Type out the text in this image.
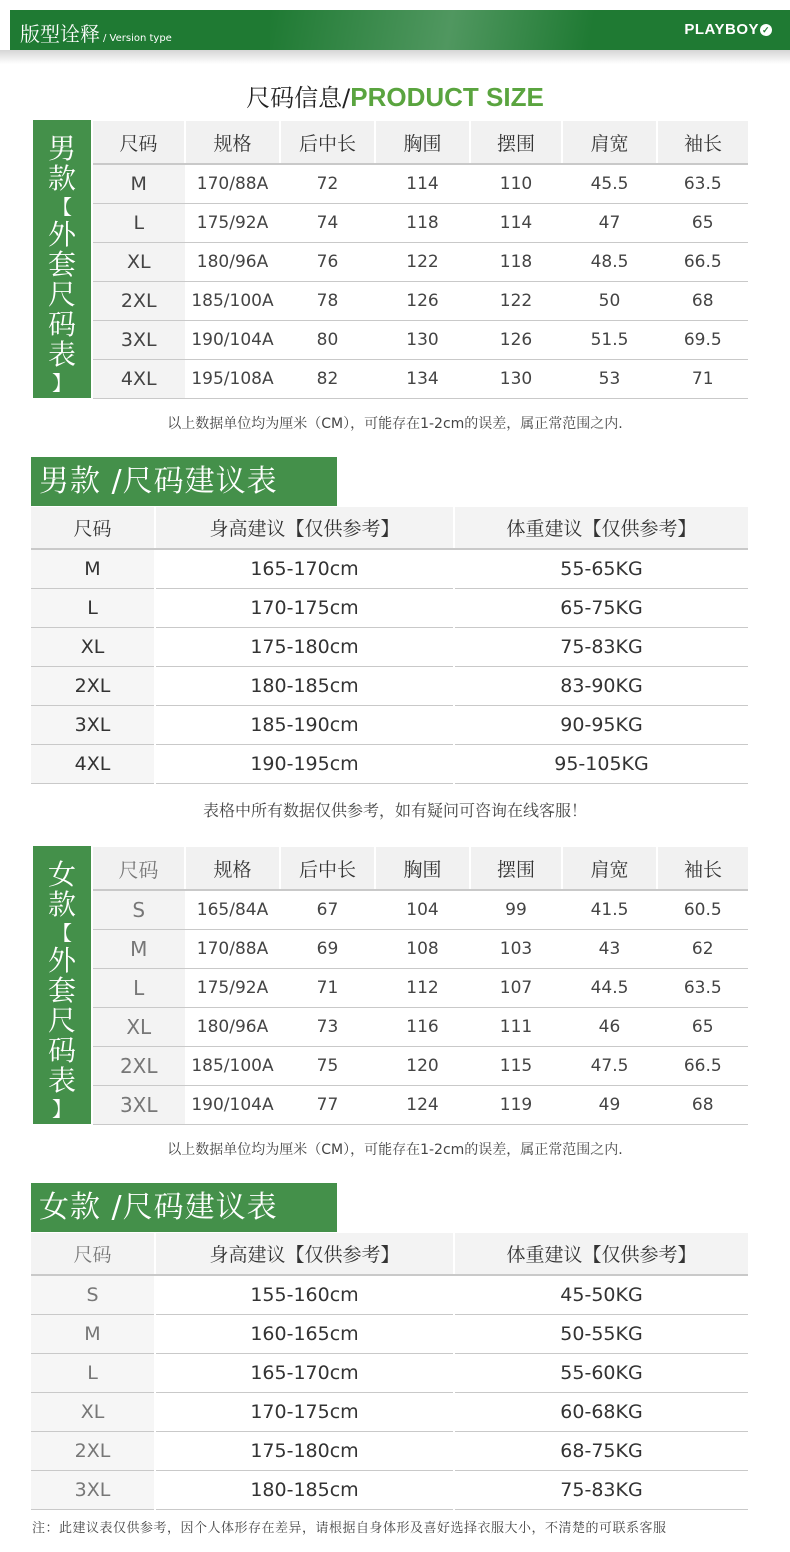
版型诠释 / Version type
PLAYBOY ✓
尺码信息/PRODUCT SIZE
男
款
【
外
套
尺
码
表
】
尺码	规格	后中长	胸围	摆围	肩宽	袖长
M	170/88A	72	114	110	45.5	63.5
L	175/92A	74	118	114	47	65
XL	180/96A	76	122	118	48.5	66.5
2XL	185/100A	78	126	122	50	68
3XL	190/104A	80	130	126	51.5	69.5
4XL	195/108A	82	134	130	53	71
以上数据单位均为厘米（CM），可能存在1-2cm的误差，属正常范围之内.
男款 /尺码建议表
尺码	身高建议【仅供参考】	体重建议【仅供参考】
M	165-170cm	55-65KG
L	170-175cm	65-75KG
XL	175-180cm	75-83KG
2XL	180-185cm	83-90KG
3XL	185-190cm	90-95KG
4XL	190-195cm	95-105KG
表格中所有数据仅供参考，如有疑问可咨询在线客服！
女
款
【
外
套
尺
码
表
】
尺码	规格	后中长	胸围	摆围	肩宽	袖长
S	165/84A	67	104	99	41.5	60.5
M	170/88A	69	108	103	43	62
L	175/92A	71	112	107	44.5	63.5
XL	180/96A	73	116	111	46	65
2XL	185/100A	75	120	115	47.5	66.5
3XL	190/104A	77	124	119	49	68
以上数据单位均为厘米（CM），可能存在1-2cm的误差，属正常范围之内.
女款 /尺码建议表
尺码	身高建议【仅供参考】	体重建议【仅供参考】
S	155-160cm	45-50KG
M	160-165cm	50-55KG
L	165-170cm	55-60KG
XL	170-175cm	60-68KG
2XL	175-180cm	68-75KG
3XL	180-185cm	75-83KG
注：此建议表仅供参考，因个人体形存在差异，请根据自身体形及喜好选择衣服大小，不清楚的可联系客服
